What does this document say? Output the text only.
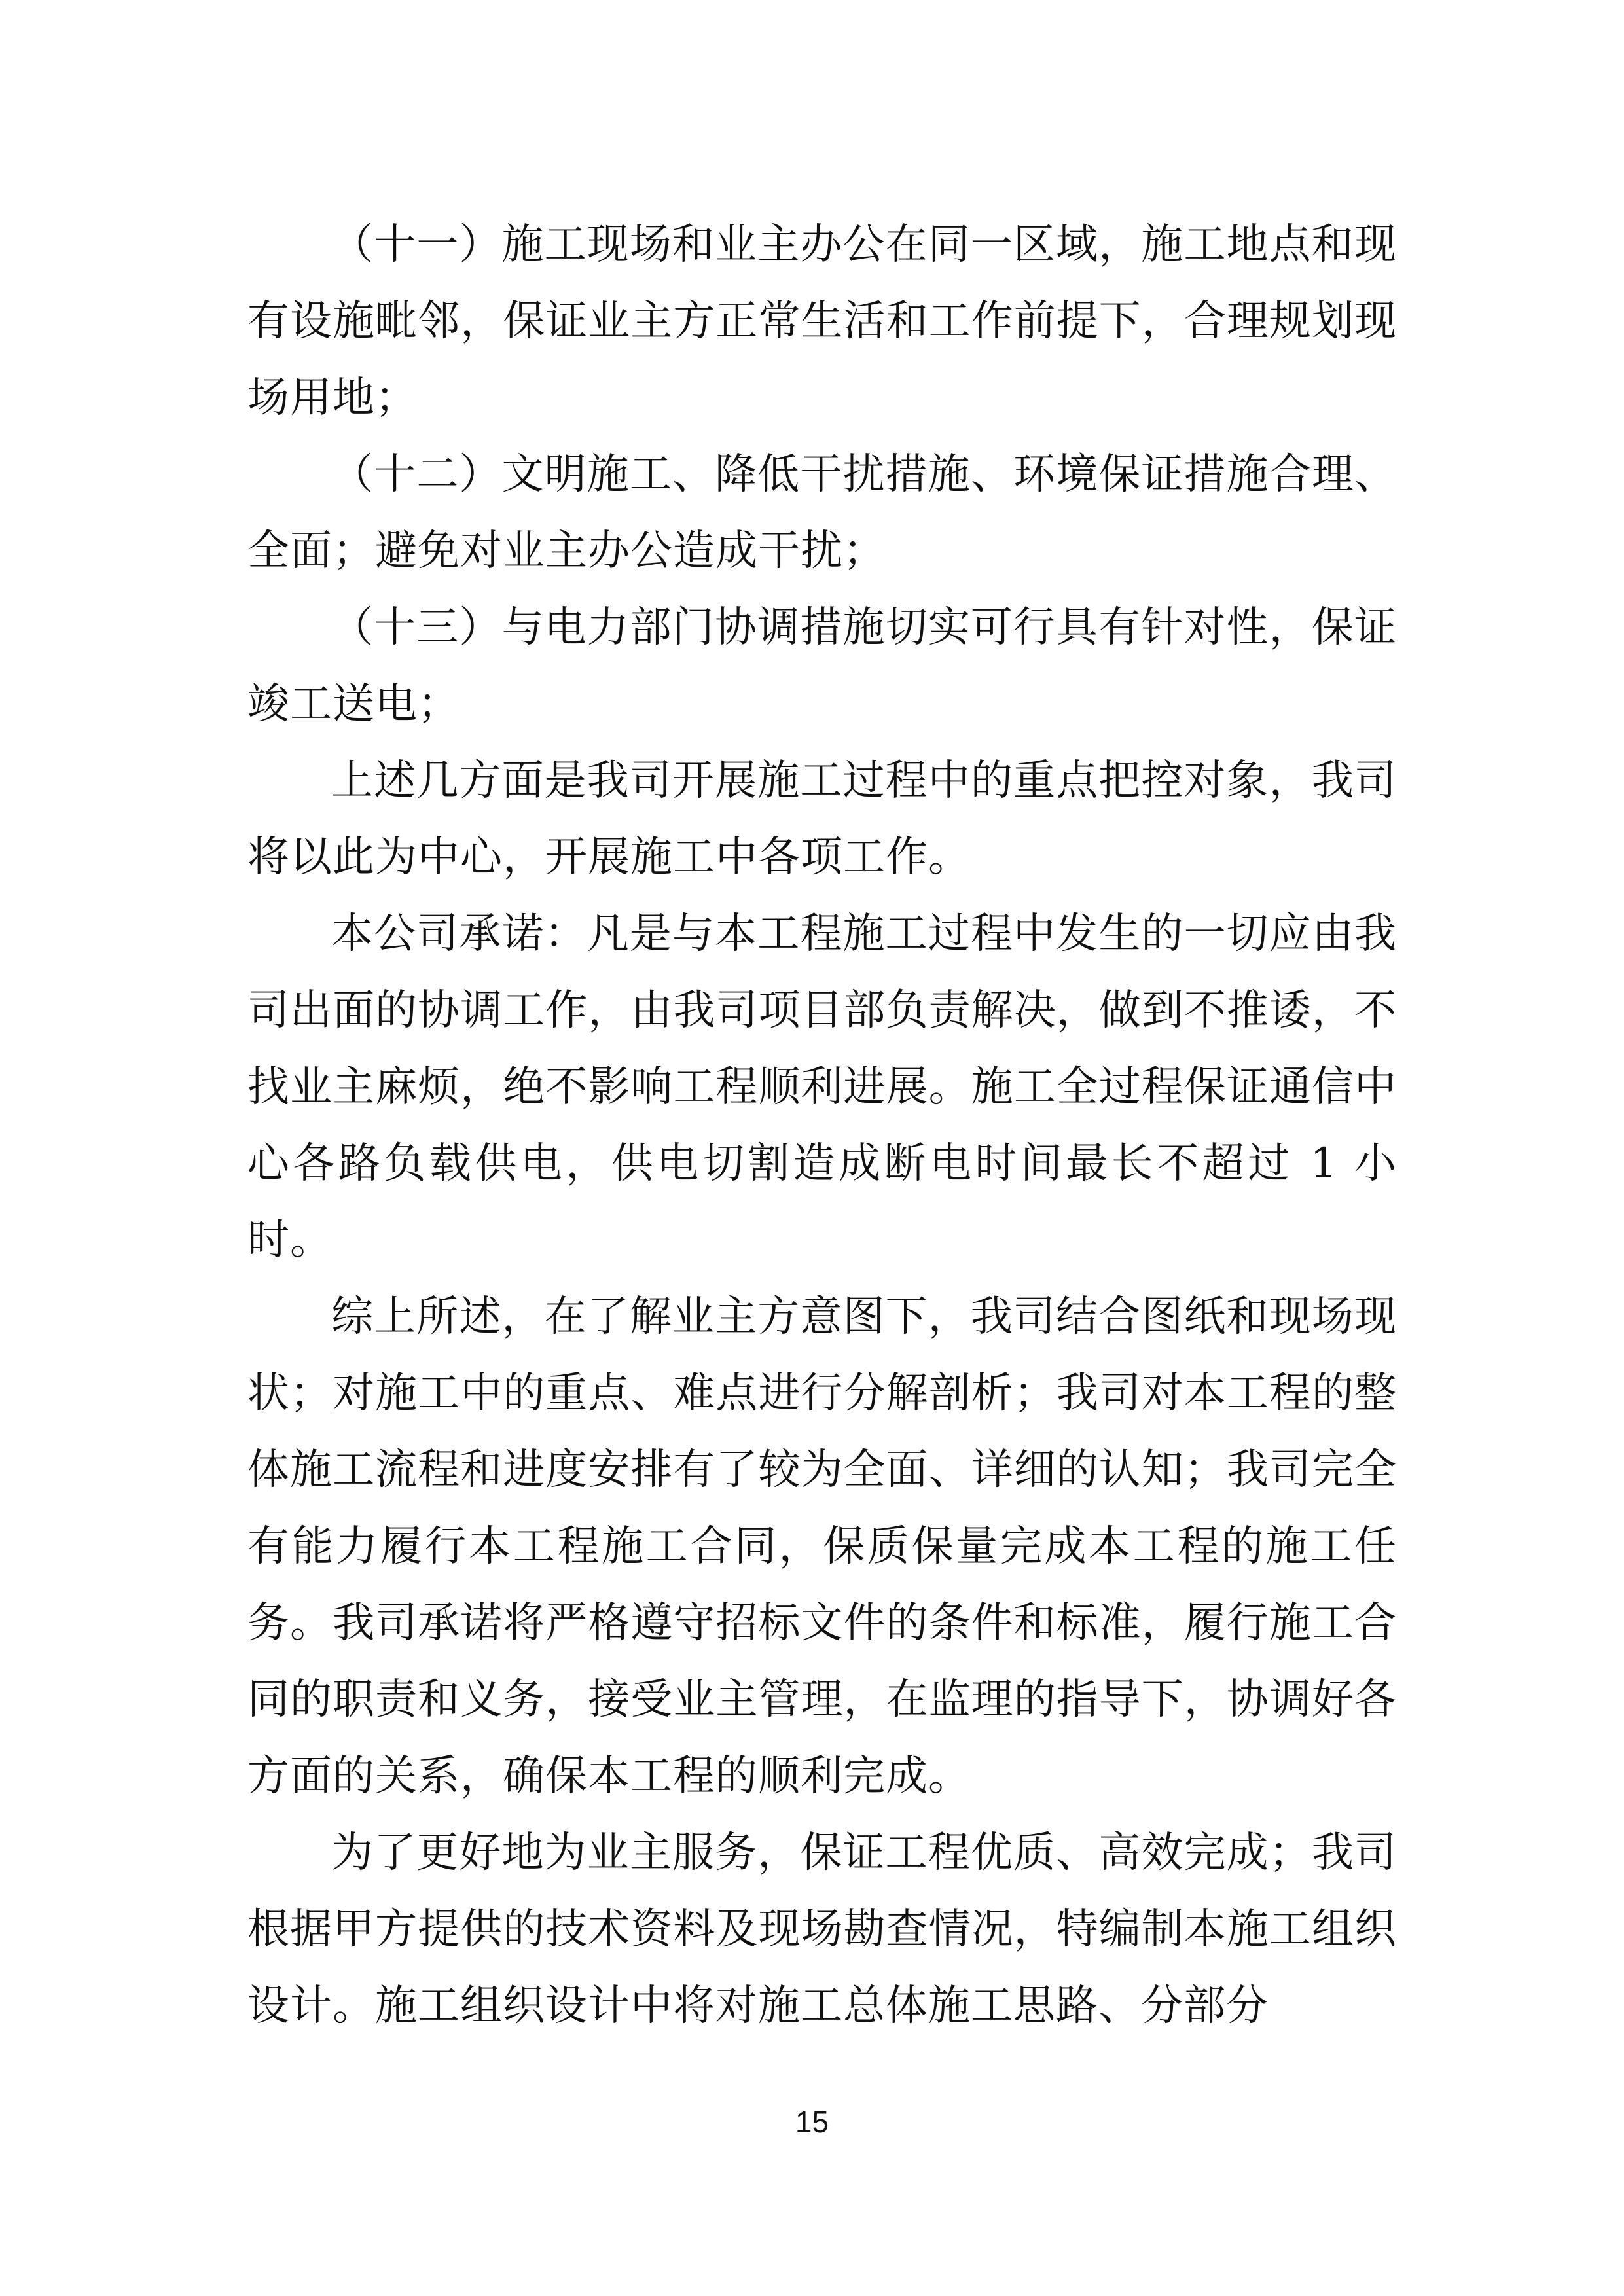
（十一）施工现场和业主办公在同一区域，施工地点和现有设施毗邻，保证业主方正常生活和工作前提下，合理规划现场用地；

（十二）文明施工、降低干扰措施、环境保证措施合理、全面；避免对业主办公造成干扰；

（十三）与电力部门协调措施切实可行具有针对性，保证竣工送电；

上述几方面是我司开展施工过程中的重点把控对象，我司将以此为中心，开展施工中各项工作。

本公司承诺：凡是与本工程施工过程中发生的一切应由我司出面的协调工作，由我司项目部负责解决，做到不推诿，不找业主麻烦，绝不影响工程顺利进展。施工全过程保证通信中心各路负载供电，供电切割造成断电时间最长不超过 1 小时。

综上所述，在了解业主方意图下，我司结合图纸和现场现状；对施工中的重点、难点进行分解剖析；我司对本工程的整体施工流程和进度安排有了较为全面、详细的认知；我司完全有能力履行本工程施工合同，保质保量完成本工程的施工任务。我司承诺将严格遵守招标文件的条件和标准，履行施工合同的职责和义务，接受业主管理，在监理的指导下，协调好各方面的关系，确保本工程的顺利完成。

为了更好地为业主服务，保证工程优质、高效完成；我司根据甲方提供的技术资料及现场勘查情况，特编制本施工组织设计。施工组织设计中将对施工总体施工思路、分部分

15
